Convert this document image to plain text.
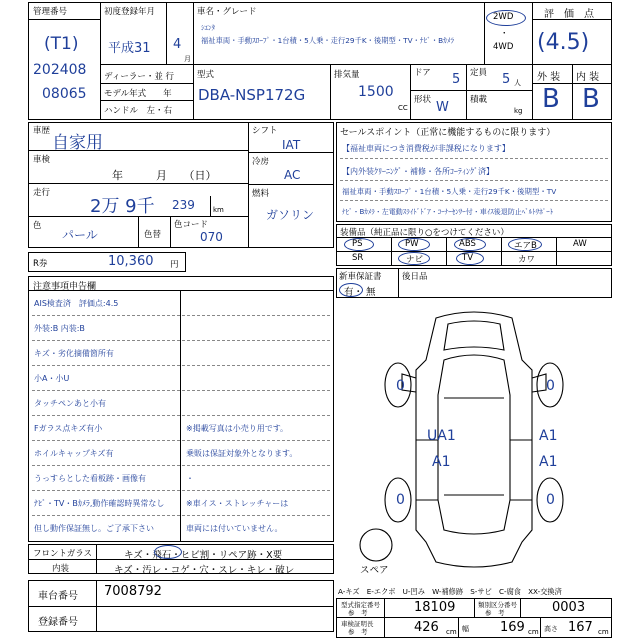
管理番号
(T1)
202408
08065
初度登録年月
平成31 4
月
ディーラー・並 行
モデル年式　　年
ハンドル　左・右
車名・グレード
ｼｴﾝﾀ
福祉車両・手動ｽﾛｰﾌﾟ・1台積・5人乗・走行29千K・後期型・TV・ﾅﾋﾞ・Bｶﾒﾗ
2WD
・
4WD
型式
DBA-NSP172G
排気量
1500
CC
ドア 5 定員 5 人
形状 W 積載
kg
評　価　点
(4.5)
外 装 内 装
B B
車歴
自家用
車検
年　　　月　　（日）
走行
2万 9千 239	km
色
パール	色替
色コード
070
シフト
IAT
冷房
AC
燃料
ガソリン
R券	10,360 円
セールスポイント（正常に機能するものに限ります）
【福祉車両につき消費税が非課税になります】
【内外装ｸﾘｰﾆﾝｸﾞ・補修・各所ｺｰﾃｨﾝｸﾞ済】
福祉車両・手動ｽﾛｰﾌﾟ・1台積・5人乗・走行29千K・後期型・TV
ﾅﾋﾞ・Bｶﾒﾗ・左電動ｽﾗｲﾄﾞﾄﾞｱ・ｺｰﾅｰｾﾝｻｰ付・車ｲｽ後退防止ﾍﾞﾙﾄｻﾎﾟｰﾄ
装備品（純正品に限り○をつけてください）
PS	PW	ABS	エアB	AW
SR	ナビ	TV	カワ
新車保証書
有・ 無
後日品
注意事項申告欄
AIS検査済　評価点:4.5
外装:B 内装:B
キズ・劣化摘備箇所有
小A・小U
タッチペンあと小有
Fガラス点キズ有小	※掲載写真は小売り用です。
ホイルキャップキズ有	乗販は保証対象外となります。
うっすらとした看板跡・画像有	・
ﾅﾋﾞ・TV・Bｶﾒﾗ,動作確認時異常なし	※車イス・ストレッチャーは
但し動作保証無し。ご了承下さい	車両には付いていません。
フロントガラス	キズ・飛石・ヒビ割・リペア跡・X要
内装	キズ・汚レ・コゲ・穴・スレ・キレ・破レ
車台番号 7008792
登録番号
0	0
UA1	A1
A1	A1
0	0
スペア
A-キズ　E-エクボ　U-凹み　W-補修跡　S-サビ　C-腐食　XX-交換済
型式指定番号
参　考	18109	類別区分番号
参　考	0003
車検証明長
参　考	426 cm 幅 169 cm 高さ 167 cm
